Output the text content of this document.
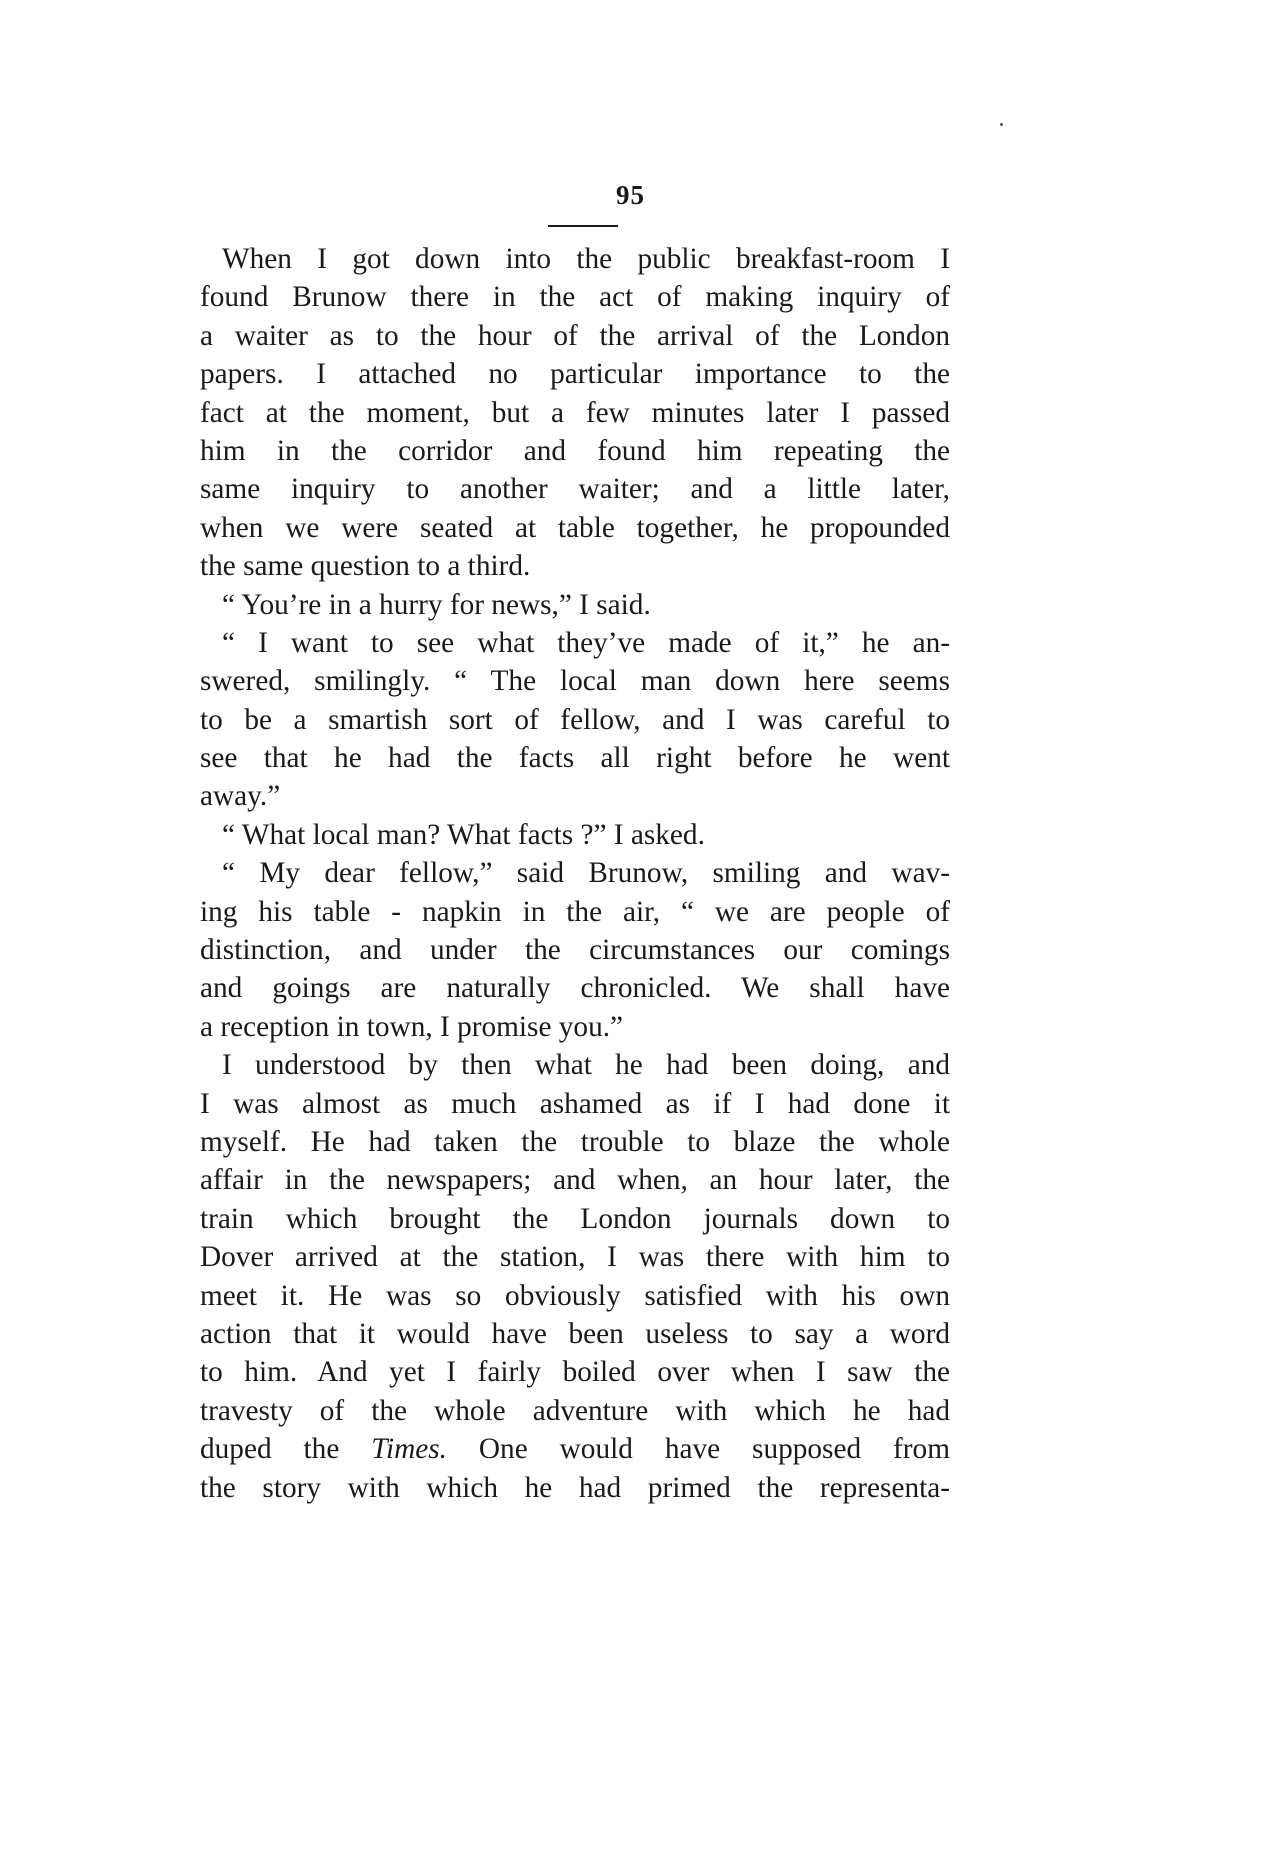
95
When I got down into the public breakfast-room I
found Brunow there in the act of making inquiry of
a waiter as to the hour of the arrival of the London
papers. I attached no particular importance to the
fact at the moment, but a few minutes later I passed
him in the corridor and found him repeating the
same inquiry to another waiter; and a little later,
when we were seated at table together, he propounded
the same question to a third.
“ You’re in a hurry for news,” I said.
“ I want to see what they’ve made of it,” he an-
swered, smilingly. “ The local man down here seems
to be a smartish sort of fellow, and I was careful to
see that he had the facts all right before he went
away.”
“ What local man? What facts ?” I asked.
“ My dear fellow,” said Brunow, smiling and wav-
ing his table - napkin in the air, “ we are people of
distinction, and under the circumstances our comings
and goings are naturally chronicled. We shall have
a reception in town, I promise you.”
I understood by then what he had been doing, and
I was almost as much ashamed as if I had done it
myself. He had taken the trouble to blaze the whole
affair in the newspapers; and when, an hour later, the
train which brought the London journals down to
Dover arrived at the station, I was there with him to
meet it. He was so obviously satisfied with his own
action that it would have been useless to say a word
to him. And yet I fairly boiled over when I saw the
travesty of the whole adventure with which he had
duped the Times. One would have supposed from
the story with which he had primed the representa-
